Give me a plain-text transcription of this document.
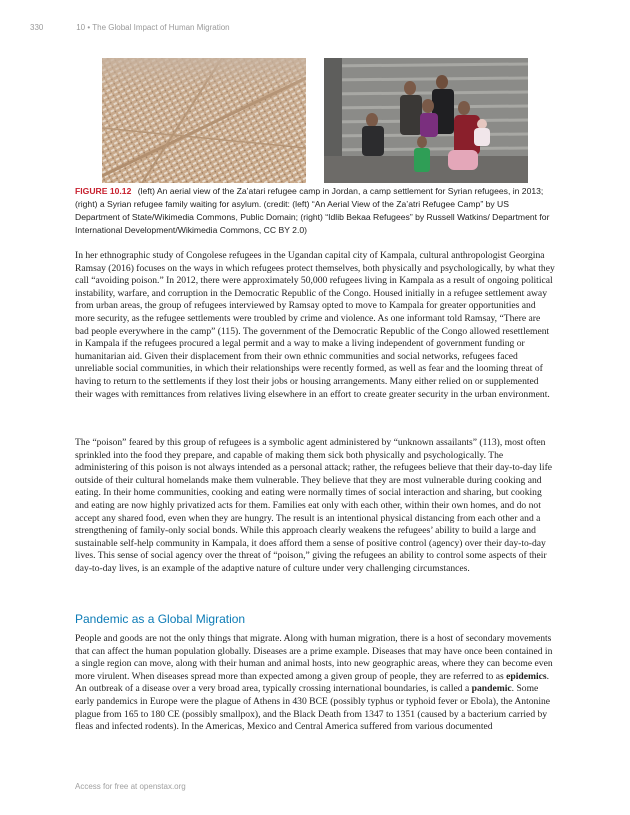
330	10 • The Global Impact of Human Migration
FIGURE 10.12 (left) An aerial view of the Za’atari refugee camp in Jordan, a camp settlement for Syrian refugees, in 2013; (right) a Syrian refugee family waiting for asylum. (credit: (left) “An Aerial View of the Za’atri Refugee Camp” by US Department of State/Wikimedia Commons, Public Domain; (right) “Idlib Bekaa Refugees” by Russell Watkins/ Department for International Development/Wikimedia Commons, CC BY 2.0)

In her ethnographic study of Congolese refugees in the Ugandan capital city of Kampala, cultural anthropologist Georgina Ramsay (2016) focuses on the ways in which refugees protect themselves, both physically and psychologically, by what they call “avoiding poison.” In 2012, there were approximately 50,000 refugees living in Kampala as a result of ongoing political instability, warfare, and corruption in the Democratic Republic of the Congo. Housed initially in a refugee settlement away from urban areas, the group of refugees interviewed by Ramsay opted to move to Kampala for greater opportunities and more security, as the refugee settlements were troubled by crime and violence. As one informant told Ramsay, “There are bad people everywhere in the camp” (115). The government of the Democratic Republic of the Congo allowed resettlement in Kampala if the refugees procured a legal permit and a way to make a living independent of government funding or humanitarian aid. Given their displacement from their own ethnic communities and social networks, refugees faced unreliable social communities, in which their relationships were recently formed, as well as fear and the looming threat of having to return to the settlements if they lost their jobs or housing arrangements. Many either relied on or supplemented their wages with remittances from relatives living elsewhere in an effort to create greater security in the urban environment.

The “poison” feared by this group of refugees is a symbolic agent administered by “unknown assailants” (113), most often sprinkled into the food they prepare, and capable of making them sick both physically and psychologically. The administering of this poison is not always intended as a personal attack; rather, the refugees believe that their day-to-day life outside of their cultural homelands make them vulnerable. They believe that they are most vulnerable during cooking and eating. In their home communities, cooking and eating were normally times of social interaction and sharing, but cooking and eating are now highly privatized acts for them. Families eat only with each other, within their own homes, and do not accept any shared food, even when they are hungry. The result is an intentional physical distancing from each other and a strengthening of family-only social bonds. While this approach clearly weakens the refugees’ ability to build a large and sustainable self-help community in Kampala, it does afford them a sense of positive control (agency) over their day-to-day lives. This sense of social agency over the threat of “poison,” giving the refugees an ability to control some aspects of their day-to-day lives, is an example of the adaptive nature of culture under very challenging circumstances.

Pandemic as a Global Migration

People and goods are not the only things that migrate. Along with human migration, there is a host of secondary movements that can affect the human population globally. Diseases are a prime example. Diseases that may have once been contained in a single region can move, along with their human and animal hosts, into new geographic areas, where they can become even more virulent. When diseases spread more than expected among a given group of people, they are referred to as epidemics. An outbreak of a disease over a very broad area, typically crossing international boundaries, is called a pandemic. Some early pandemics in Europe were the plague of Athens in 430 BCE (possibly typhus or typhoid fever or Ebola), the Antonine plague from 165 to 180 CE (possibly smallpox), and the Black Death from 1347 to 1351 (caused by a bacterium carried by fleas and infected rodents). In the Americas, Mexico and Central America suffered from various documented

Access for free at openstax.org
